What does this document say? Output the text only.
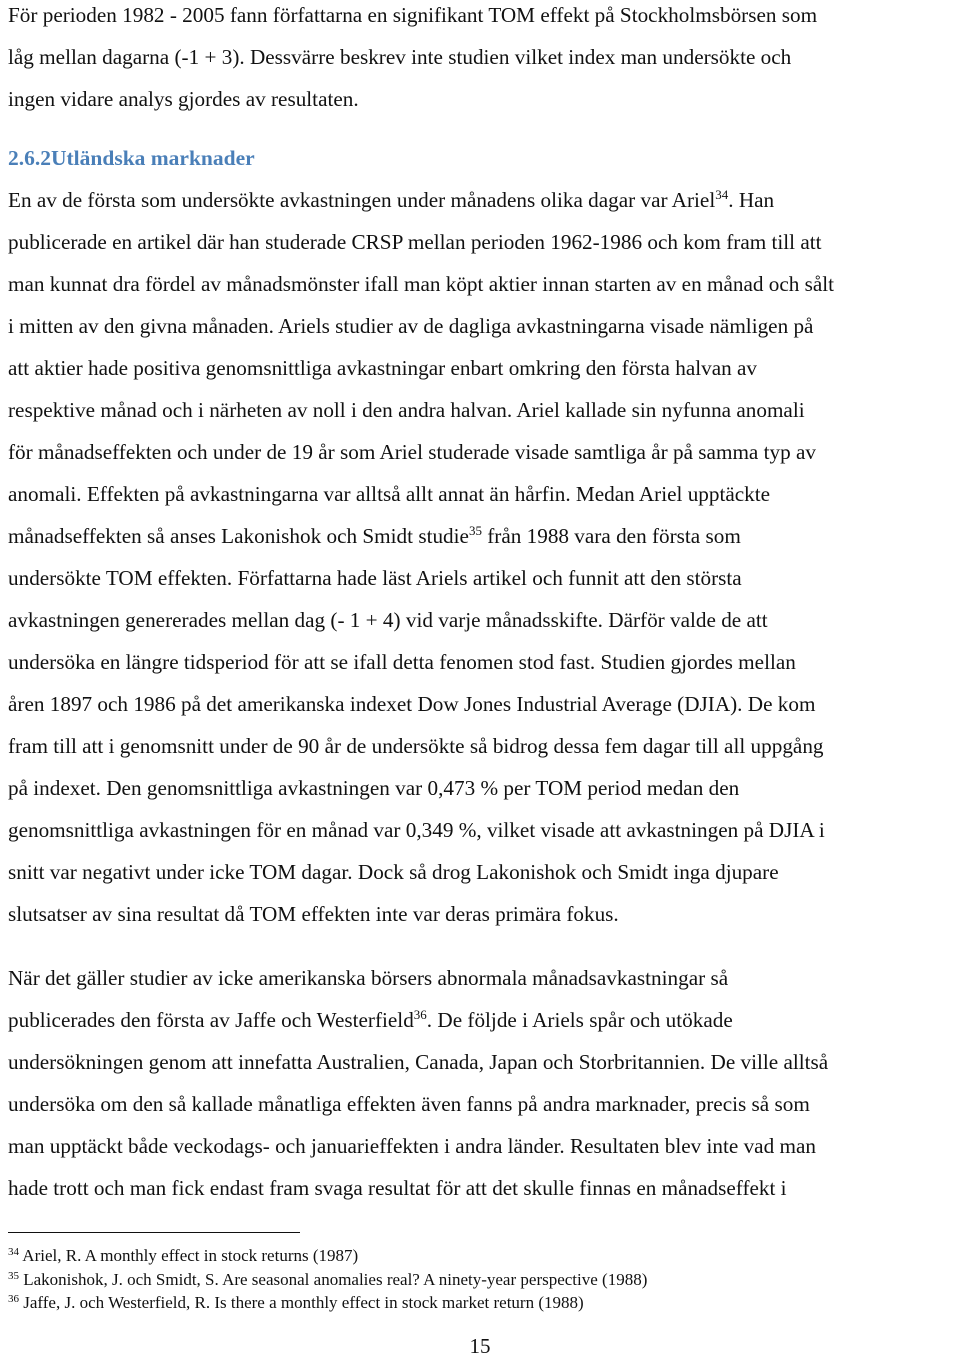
För perioden 1982 - 2005 fann författarna en signifikant TOM effekt på Stockholmsbörsen som
låg mellan dagarna (-1 + 3). Dessvärre beskrev inte studien vilket index man undersökte och
ingen vidare analys gjordes av resultaten.
2.6.2Utländska marknader
En av de första som undersökte avkastningen under månadens olika dagar var Ariel$^{34}$. Han
publicerade en artikel där han studerade CRSP mellan perioden 1962-1986 och kom fram till att
man kunnat dra fördel av månadsmönster ifall man köpt aktier innan starten av en månad och sålt
i mitten av den givna månaden. Ariels studier av de dagliga avkastningarna visade nämligen på
att aktier hade positiva genomsnittliga avkastningar enbart omkring den första halvan av
respektive månad och i närheten av noll i den andra halvan. Ariel kallade sin nyfunna anomali
för månadseffekten och under de 19 år som Ariel studerade visade samtliga år på samma typ av
anomali. Effekten på avkastningarna var alltså allt annat än hårfin. Medan Ariel upptäckte
månadseffekten så anses Lakonishok och Smidt studie$^{35}$ från 1988 vara den första som
undersökte TOM effekten. Författarna hade läst Ariels artikel och funnit att den största
avkastningen genererades mellan dag (- 1 + 4) vid varje månadsskifte. Därför valde de att
undersöka en längre tidsperiod för att se ifall detta fenomen stod fast. Studien gjordes mellan
åren 1897 och 1986 på det amerikanska indexet Dow Jones Industrial Average (DJIA). De kom
fram till att i genomsnitt under de 90 år de undersökte så bidrog dessa fem dagar till all uppgång
på indexet. Den genomsnittliga avkastningen var 0,473 % per TOM period medan den
genomsnittliga avkastningen för en månad var 0,349 %, vilket visade att avkastningen på DJIA i
snitt var negativt under icke TOM dagar. Dock så drog Lakonishok och Smidt inga djupare
slutsatser av sina resultat då TOM effekten inte var deras primära fokus.
När det gäller studier av icke amerikanska börsers abnormala månadsavkastningar så
publicerades den första av Jaffe och Westerfield$^{36}$. De följde i Ariels spår och utökade
undersökningen genom att innefatta Australien, Canada, Japan och Storbritannien. De ville alltså
undersöka om den så kallade månatliga effekten även fanns på andra marknader, precis så som
man upptäckt både veckodags- och januarieffekten i andra länder. Resultaten blev inte vad man
hade trott och man fick endast fram svaga resultat för att det skulle finnas en månadseffekt i
$^{34}$ Ariel, R. A monthly effect in stock returns (1987)
$^{35}$ Lakonishok, J. och Smidt, S. Are seasonal anomalies real? A ninety-year perspective (1988)
$^{36}$ Jaffe, J. och Westerfield, R. Is there a monthly effect in stock market return (1988)
15
